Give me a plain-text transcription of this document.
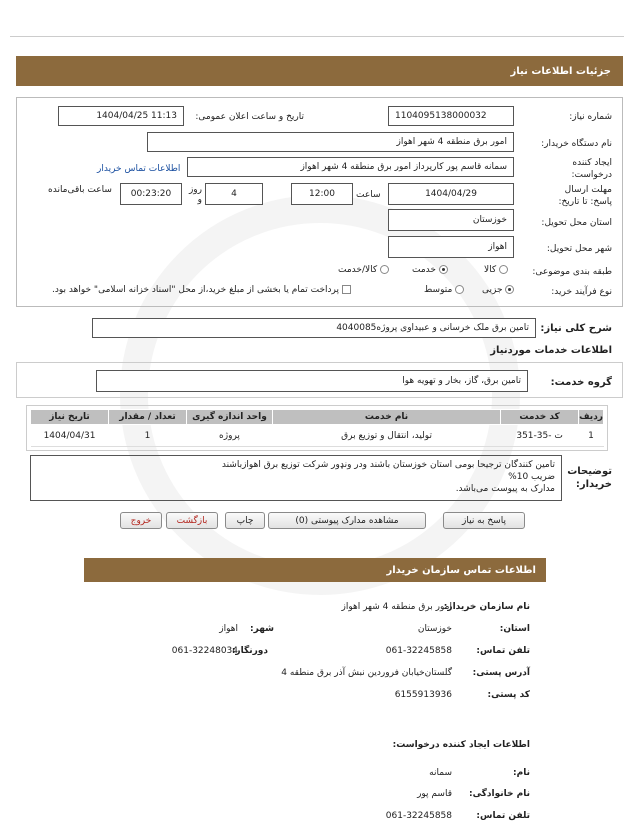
جزئیات اطلاعات نیاز
شماره نیاز:
1104095138000032
تاریخ و ساعت اعلان عمومی:
1404/04/25 11:13
نام دستگاه خریدار:
امور برق منطقه 4 شهر اهواز
ایجاد کننده درخواست:
سمانه قاسم پور کارپرداز امور برق منطقه 4 شهر اهواز
اطلاعات تماس خریدار
مهلت ارسال پاسخ: تا تاریخ:
1404/04/29
ساعت
12:00
4
روز و
00:23:20
ساعت باقی‌مانده
استان محل تحویل:
خوزستان
شهر محل تحویل:
اهواز
طبقه بندی موضوعی:
کالا
خدمت
کالا/خدمت
نوع فرآیند خرید:
جزیی
متوسط
پرداخت تمام یا بخشی از مبلغ خرید،از محل "اسناد خزانه اسلامی" خواهد بود.
شرح کلی نیاز:
تامین برق ملک خرسانی و عبیداوی پروژه4040085
اطلاعات خدمات موردنیاز
گروه خدمت:
تامین برق، گاز، بخار و تهویه هوا
ردیف	کد خدمت	نام خدمت	واحد اندازه گیری	تعداد / مقدار	تاریخ نیاز
1	ت -35-351	تولید، انتقال و توزیع برق	پروژه	1	1404/04/31
توضیحات خریدار:
تامین کنندگان ترجیحا بومی استان خوزستان باشند ودر ونډور شرکت توزیع برق اهوازباشند
ضریب 10%
مدارک به پیوست می‌باشد.
پاسخ به نیاز
مشاهده مدارک پیوستی (0)
چاپ
بازگشت
خروج
اطلاعات تماس سازمان خریدار
نام سازمان خریدار:
امور برق منطقه 4 شهر اهواز
استان:
خوزستان
شهر:
اهواز
تلفن تماس:
061-32245858
دورنگار:
061-32248034
آدرس پستی:
گلستان‌خیابان فروردین نبش آذر برق منطقه 4
کد پستی:
6155913936
اطلاعات ایجاد کننده درخواست:
نام:
سمانه
نام خانوادگی:
قاسم پور
تلفن تماس:
061-32245858
